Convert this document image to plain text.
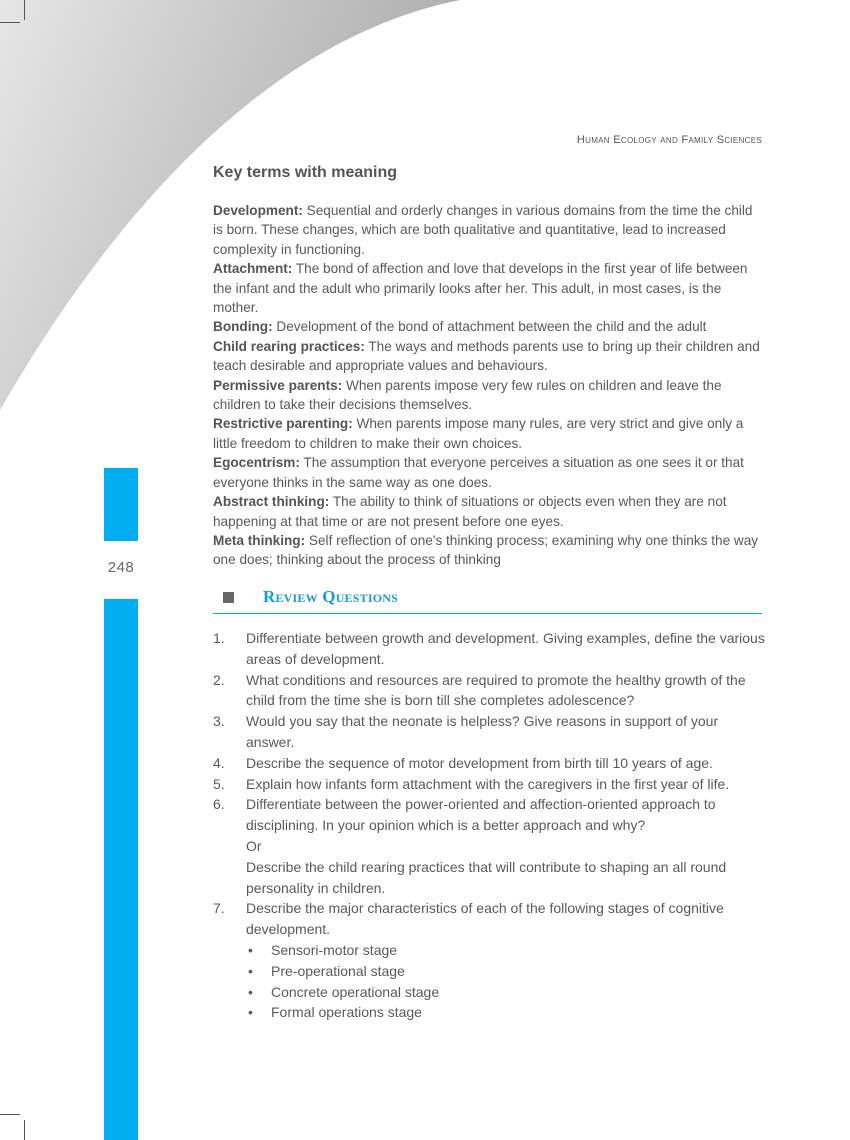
248
Human Ecology and Family Sciences
Key terms with meaning

Development: Sequential and orderly changes in various domains from the time the child is born. These changes, which are both qualitative and quantitative, lead to increased complexity in functioning.

Attachment: The bond of affection and love that develops in the first year of life between the infant and the adult who primarily looks after her. This adult, in most cases, is the mother.

Bonding: Development of the bond of attachment between the child and the adult

Child rearing practices: The ways and methods parents use to bring up their children and teach desirable and appropriate values and behaviours.

Permissive parents: When parents impose very few rules on children and leave the children to take their decisions themselves.

Restrictive parenting: When parents impose many rules, are very strict and give only a little freedom to children to make their own choices.

Egocentrism: The assumption that everyone perceives a situation as one sees it or that everyone thinks in the same way as one does.

Abstract thinking: The ability to think of situations or objects even when they are not happening at that time or are not present before one eyes.

Meta thinking: Self reflection of one's thinking process; examining why one thinks the way one does; thinking about the process of thinking

Review Questions
1. Differentiate between growth and development. Giving examples, define the various areas of development.
2. What conditions and resources are required to promote the healthy growth of the child from the time she is born till she completes adolescence?
3. Would you say that the neonate is helpless? Give reasons in support of your answer.
4. Describe the sequence of motor development from birth till 10 years of age.
5. Explain how infants form attachment with the caregivers in the first year of life.
6. Differentiate between the power-oriented and affection-oriented approach to disciplining. In your opinion which is a better approach and why?
Or
Describe the child rearing practices that will contribute to shaping an all round personality in children.
7. Describe the major characteristics of each of the following stages of cognitive development.
• Sensori-motor stage
• Pre-operational stage
• Concrete operational stage
• Formal operations stage
